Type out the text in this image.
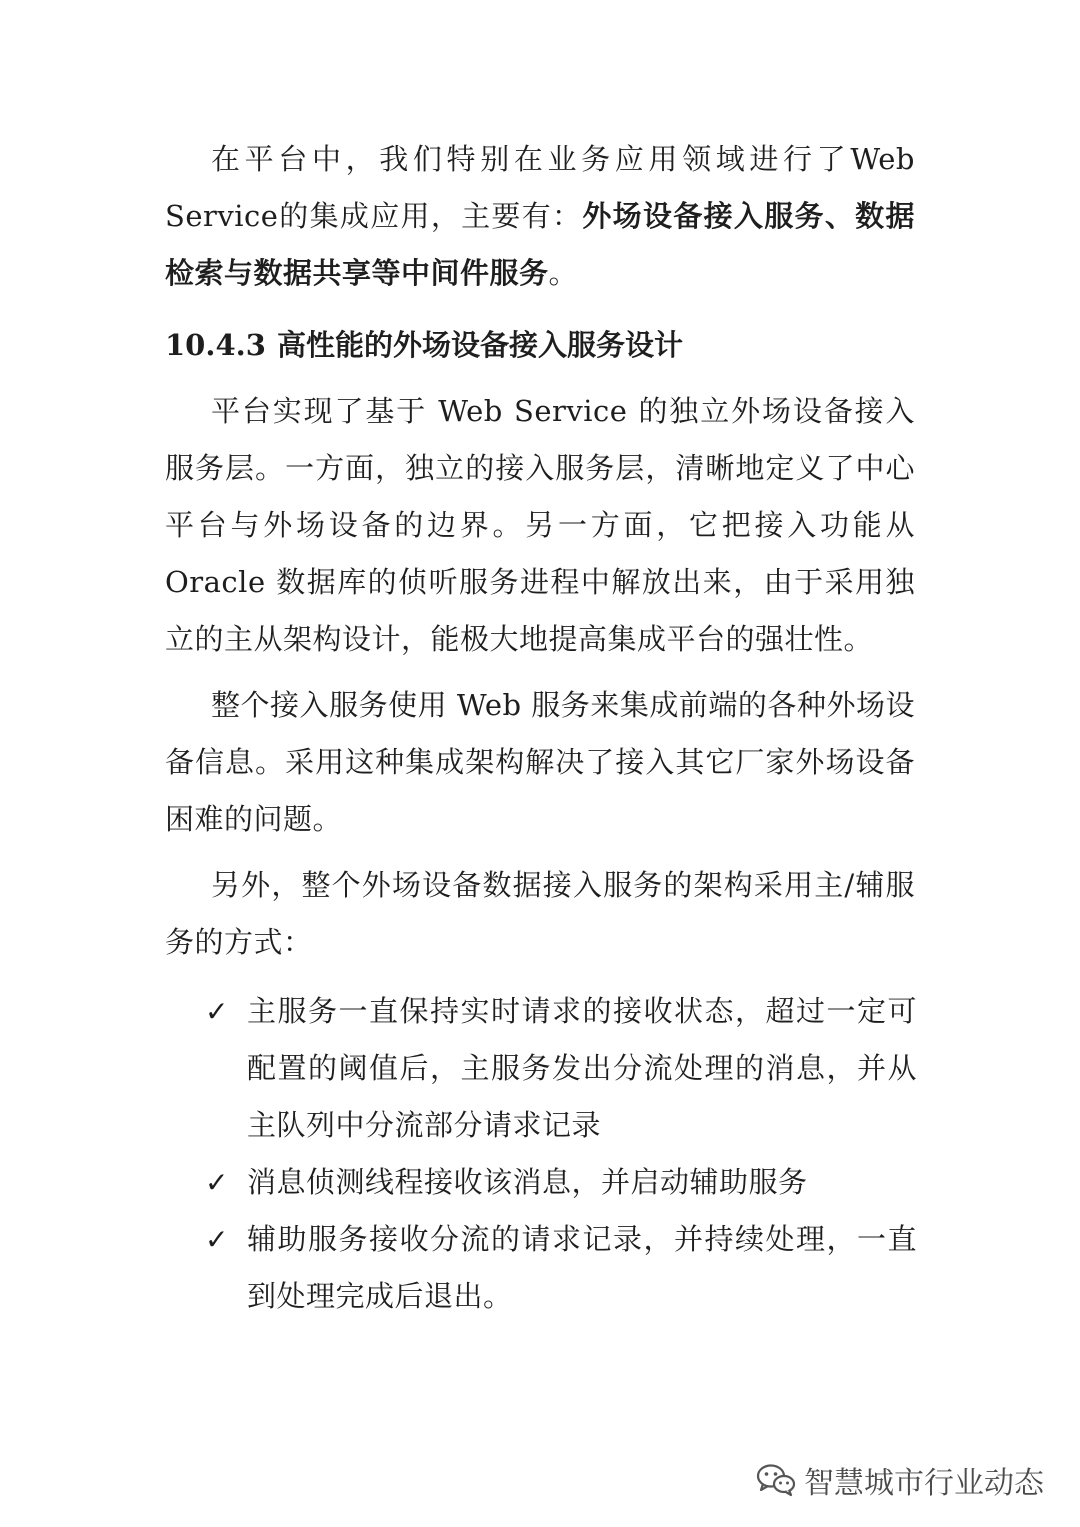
在平台中，我们特别在业务应用领域进行了Web Service的集成应用，主要有：外场设备接入服务、数据检索与数据共享等中间件服务。

10.4.3 高性能的外场设备接入服务设计

平台实现了基于 Web Service 的独立外场设备接入服务层。一方面，独立的接入服务层，清晰地定义了中心平台与外场设备的边界。另一方面，它把接入功能从 Oracle 数据库的侦听服务进程中解放出来，由于采用独立的主从架构设计，能极大地提高集成平台的强壮性。

整个接入服务使用 Web 服务来集成前端的各种外场设备信息。采用这种集成架构解决了接入其它厂家外场设备困难的问题。

另外，整个外场设备数据接入服务的架构采用主/辅服务的方式：

✓ 主服务一直保持实时请求的接收状态，超过一定可配置的阈值后，主服务发出分流处理的消息，并从主队列中分流部分请求记录
✓ 消息侦测线程接收该消息，并启动辅助服务
✓ 辅助服务接收分流的请求记录，并持续处理，一直到处理完成后退出。
智慧城市行业动态
